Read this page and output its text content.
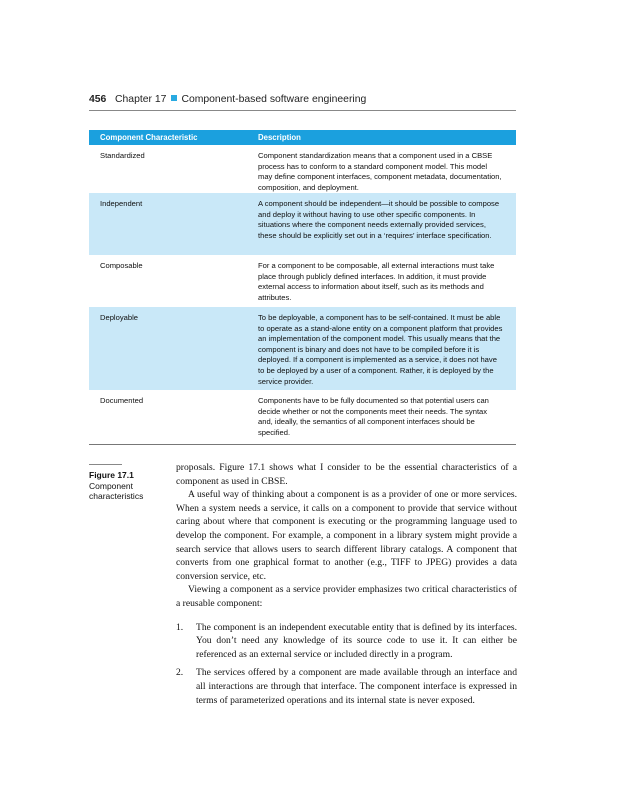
456 Chapter 17 Component-based software engineering
Component Characteristic	Description
Standardized	Component standardization means that a component used in a CBSE process has to conform to a standard component model. This model may define component interfaces, component metadata, documentation, composition, and deployment.
Independent	A component should be independent—it should be possible to compose and deploy it without having to use other specific components. In situations where the component needs externally provided services, these should be explicitly set out in a ‘requires’ interface specification.
Composable	For a component to be composable, all external interactions must take place through publicly defined interfaces. In addition, it must provide external access to information about itself, such as its methods and attributes.
Deployable	To be deployable, a component has to be self-contained. It must be able to operate as a stand-alone entity on a component platform that provides an implementation of the component model. This usually means that the component is binary and does not have to be compiled before it is deployed. If a component is implemented as a service, it does not have to be deployed by a user of a component. Rather, it is deployed by the service provider.
Documented	Components have to be fully documented so that potential users can decide whether or not the components meet their needs. The syntax and, ideally, the semantics of all component interfaces should be specified.
Figure 17.1
Component characteristics

proposals. Figure 17.1 shows what I consider to be the essential characteristics of a component as used in CBSE.

A useful way of thinking about a component is as a provider of one or more services. When a system needs a service, it calls on a component to provide that service without caring about where that component is executing or the programming language used to develop the component. For example, a component in a library system might provide a search service that allows users to search different library catalogs. A component that converts from one graphical format to another (e.g., TIFF to JPEG) provides a data conversion service, etc.

Viewing a component as a service provider emphasizes two critical characteristics of a reusable component:

1. The component is an independent executable entity that is defined by its interfaces. You don’t need any knowledge of its source code to use it. It can either be referenced as an external service or included directly in a program.
2. The services offered by a component are made available through an interface and all interactions are through that interface. The component interface is expressed in terms of parameterized operations and its internal state is never exposed.
